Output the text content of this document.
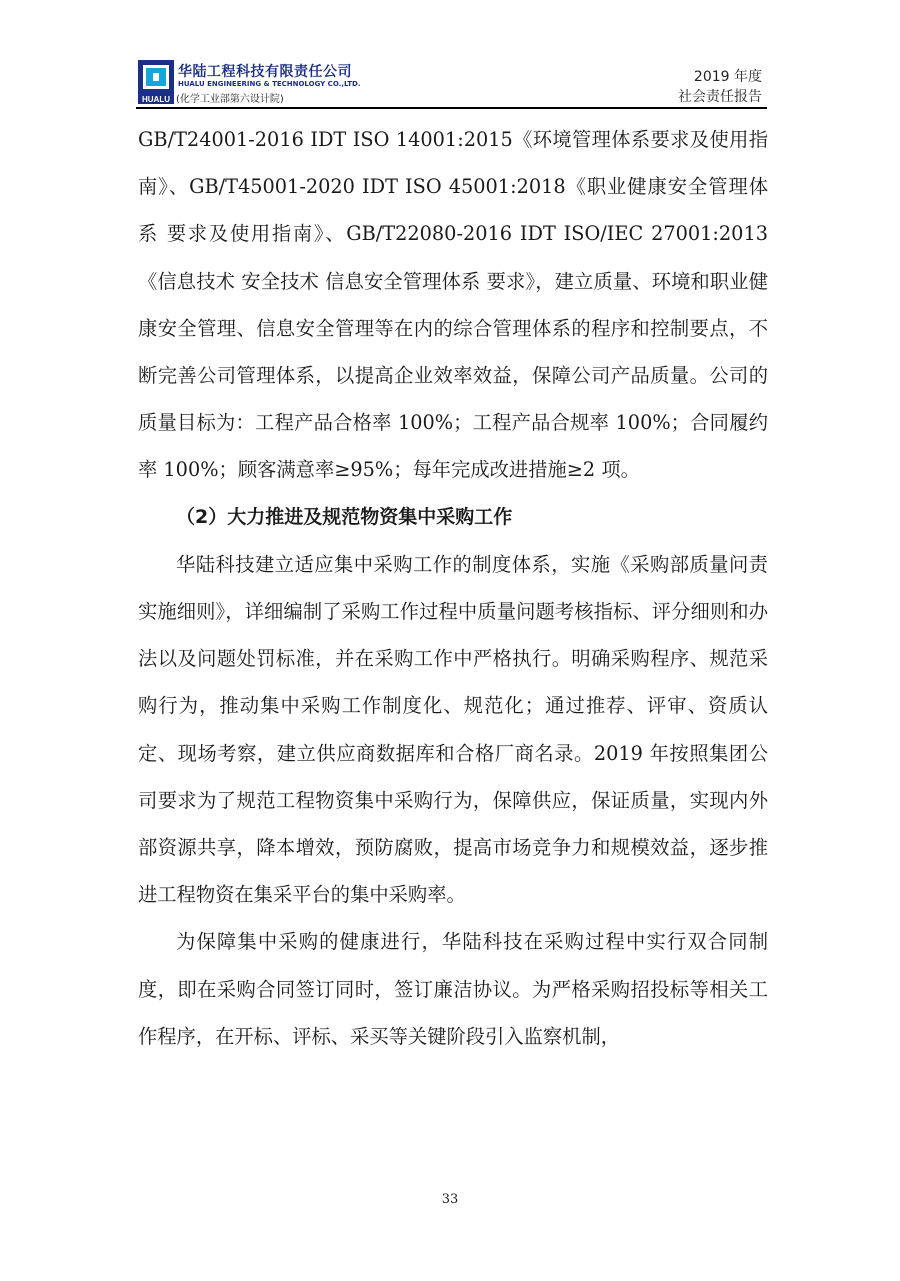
HUALU
华陆工程科技有限责任公司
HUALU ENGINEERING & TECHNOLOGY CO.,LTD.
(化学工业部第六设计院)
2019 年度
社会责任报告

GB/T24001-2016 IDT ISO 14001:2015《环境管理体系要求及使用指南》、GB/T45001-2020 IDT ISO 45001:2018《职业健康安全管理体系 要求及使用指南》、GB/T22080-2016 IDT ISO/IEC 27001:2013《信息技术 安全技术 信息安全管理体系 要求》，建立质量、环境和职业健康安全管理、信息安全管理等在内的综合管理体系的程序和控制要点，不断完善公司管理体系，以提高企业效率效益，保障公司产品质量。公司的质量目标为：工程产品合格率 100%；工程产品合规率 100%；合同履约率 100%；顾客满意率≥95%；每年完成改进措施≥2 项。

（2）大力推进及规范物资集中采购工作

华陆科技建立适应集中采购工作的制度体系，实施《采购部质量问责实施细则》，详细编制了采购工作过程中质量问题考核指标、评分细则和办法以及问题处罚标准，并在采购工作中严格执行。明确采购程序、规范采购行为，推动集中采购工作制度化、规范化；通过推荐、评审、资质认定、现场考察，建立供应商数据库和合格厂商名录。2019 年按照集团公司要求为了规范工程物资集中采购行为，保障供应，保证质量，实现内外部资源共享，降本增效，预防腐败，提高市场竞争力和规模效益，逐步推进工程物资在集采平台的集中采购率。

为保障集中采购的健康进行，华陆科技在采购过程中实行双合同制度，即在采购合同签订同时，签订廉洁协议。为严格采购招投标等相关工作程序，在开标、评标、采买等关键阶段引入监察机制，

33
